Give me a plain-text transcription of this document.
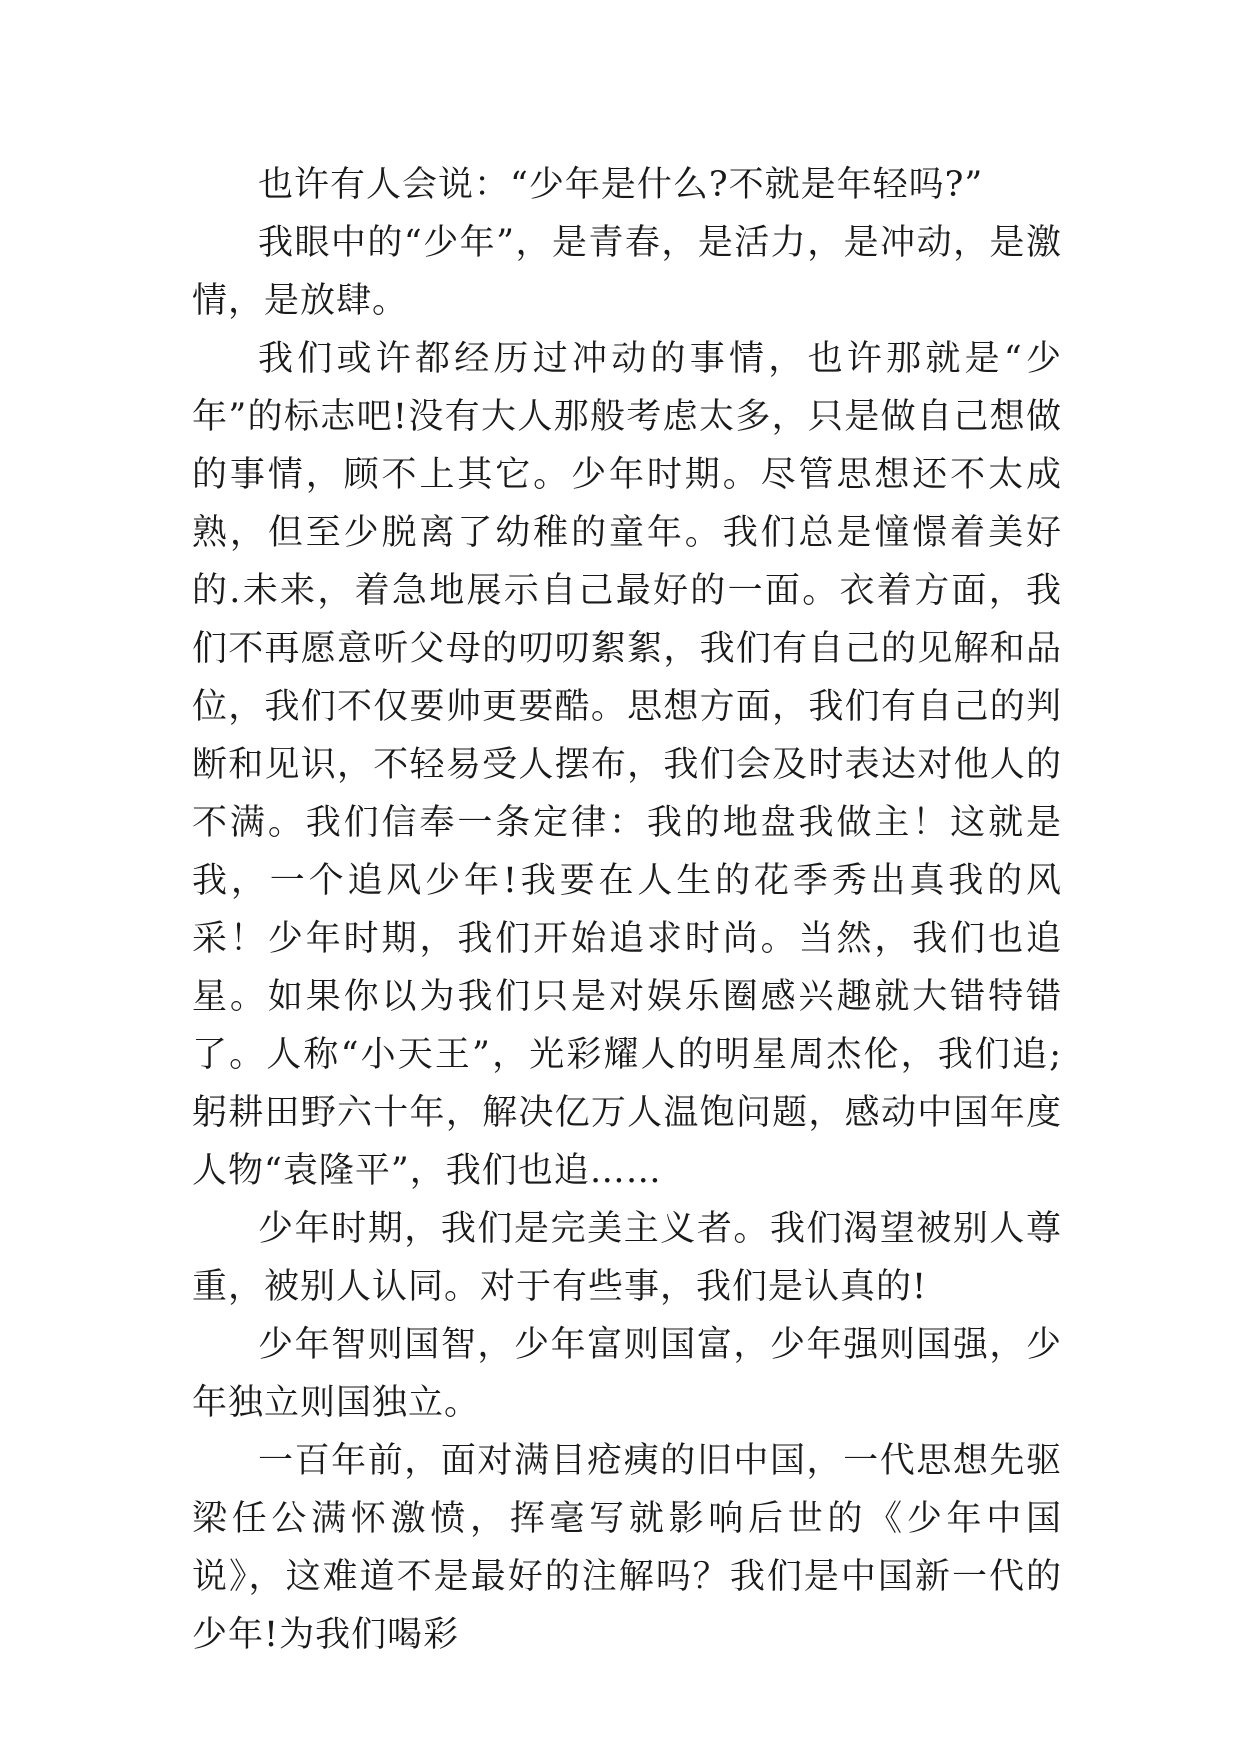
也许有人会说：“少年是什么?不就是年轻吗?”

我眼中的“少年”，是青春，是活力，是冲动，是激情，是放肆。

我们或许都经历过冲动的事情，也许那就是“少年”的标志吧!没有大人那般考虑太多，只是做自己想做的事情，顾不上其它。少年时期。尽管思想还不太成熟，但至少脱离了幼稚的童年。我们总是憧憬着美好的.未来，着急地展示自己最好的一面。衣着方面，我们不再愿意听父母的叨叨絮絮，我们有自己的见解和品位，我们不仅要帅更要酷。思想方面，我们有自己的判断和见识，不轻易受人摆布，我们会及时表达对他人的不满。我们信奉一条定律：我的地盘我做主！这就是我，一个追风少年!我要在人生的花季秀出真我的风采！少年时期，我们开始追求时尚。当然，我们也追星。如果你以为我们只是对娱乐圈感兴趣就大错特错了。人称“小天王”，光彩耀人的明星周杰伦，我们追;躬耕田野六十年，解决亿万人温饱问题，感动中国年度人物“袁隆平”，我们也追……

少年时期，我们是完美主义者。我们渴望被别人尊重，被别人认同。对于有些事，我们是认真的!

少年智则国智，少年富则国富，少年强则国强，少年独立则国独立。

一百年前，面对满目疮痍的旧中国，一代思想先驱梁任公满怀激愤，挥毫写就影响后世的《少年中国说》，这难道不是最好的注解吗？我们是中国新一代的少年!为我们喝彩
